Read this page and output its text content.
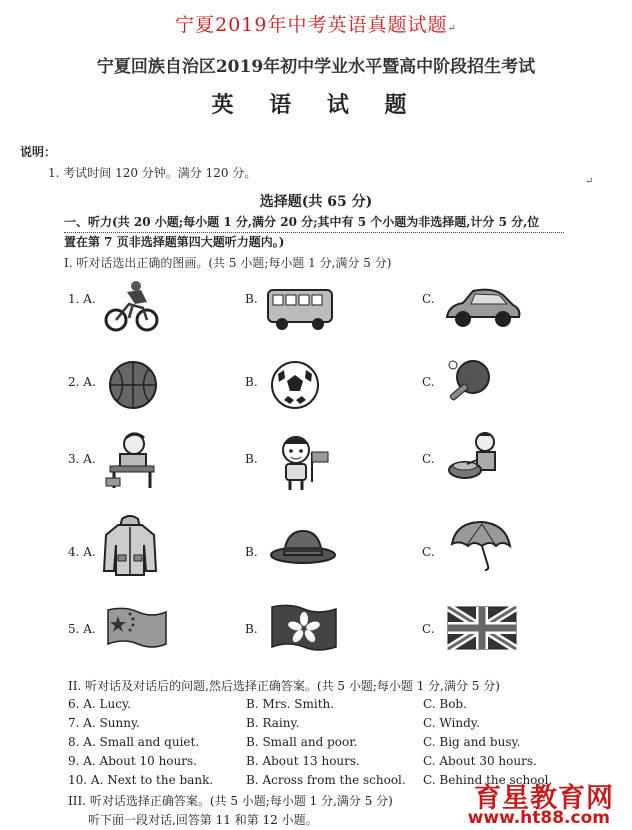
宁夏2019年中考英语真题试题↵
宁夏回族自治区2019年初中学业水平暨高中阶段招生考试
英 语 试 题
说明：
1. 考试时间 120 分钟。满分 120 分。
↵
选择题(共 65 分)
一、听力(共 20 小题;每小题 1 分,满分 20 分;其中有 5 个小题为非选择题,计分 5 分,位
置在第 7 页非选择题第四大题听力题内。)
I. 听对话选出正确的图画。(共 5 小题;每小题 1 分,满分 5 分)
1. A.	B.	C.
2. A.	B.	C.
3. A.	B.	C.
4. A.	B.	C.
5. A.	B.	C.
II. 听对话及对话后的问题,然后选择正确答案。(共 5 小题;每小题 1 分,满分 5 分)
6. A. Lucy.	B. Mrs. Smith.	C. Bob.
7. A. Sunny.	B. Rainy.	C. Windy.
8. A. Small and quiet.	B. Small and poor.	C. Big and busy.
9. A. About 10 hours.	B. About 13 hours.	C. About 30 hours.
10. A. Next to the bank.	B. Across from the school. C. Behind the school.
III. 听对话选择正确答案。(共 5 小题;每小题 1 分,满分 5 分)
听下面一段对话,回答第 11 和第 12 小题。
育星教育网
www.ht88.com
